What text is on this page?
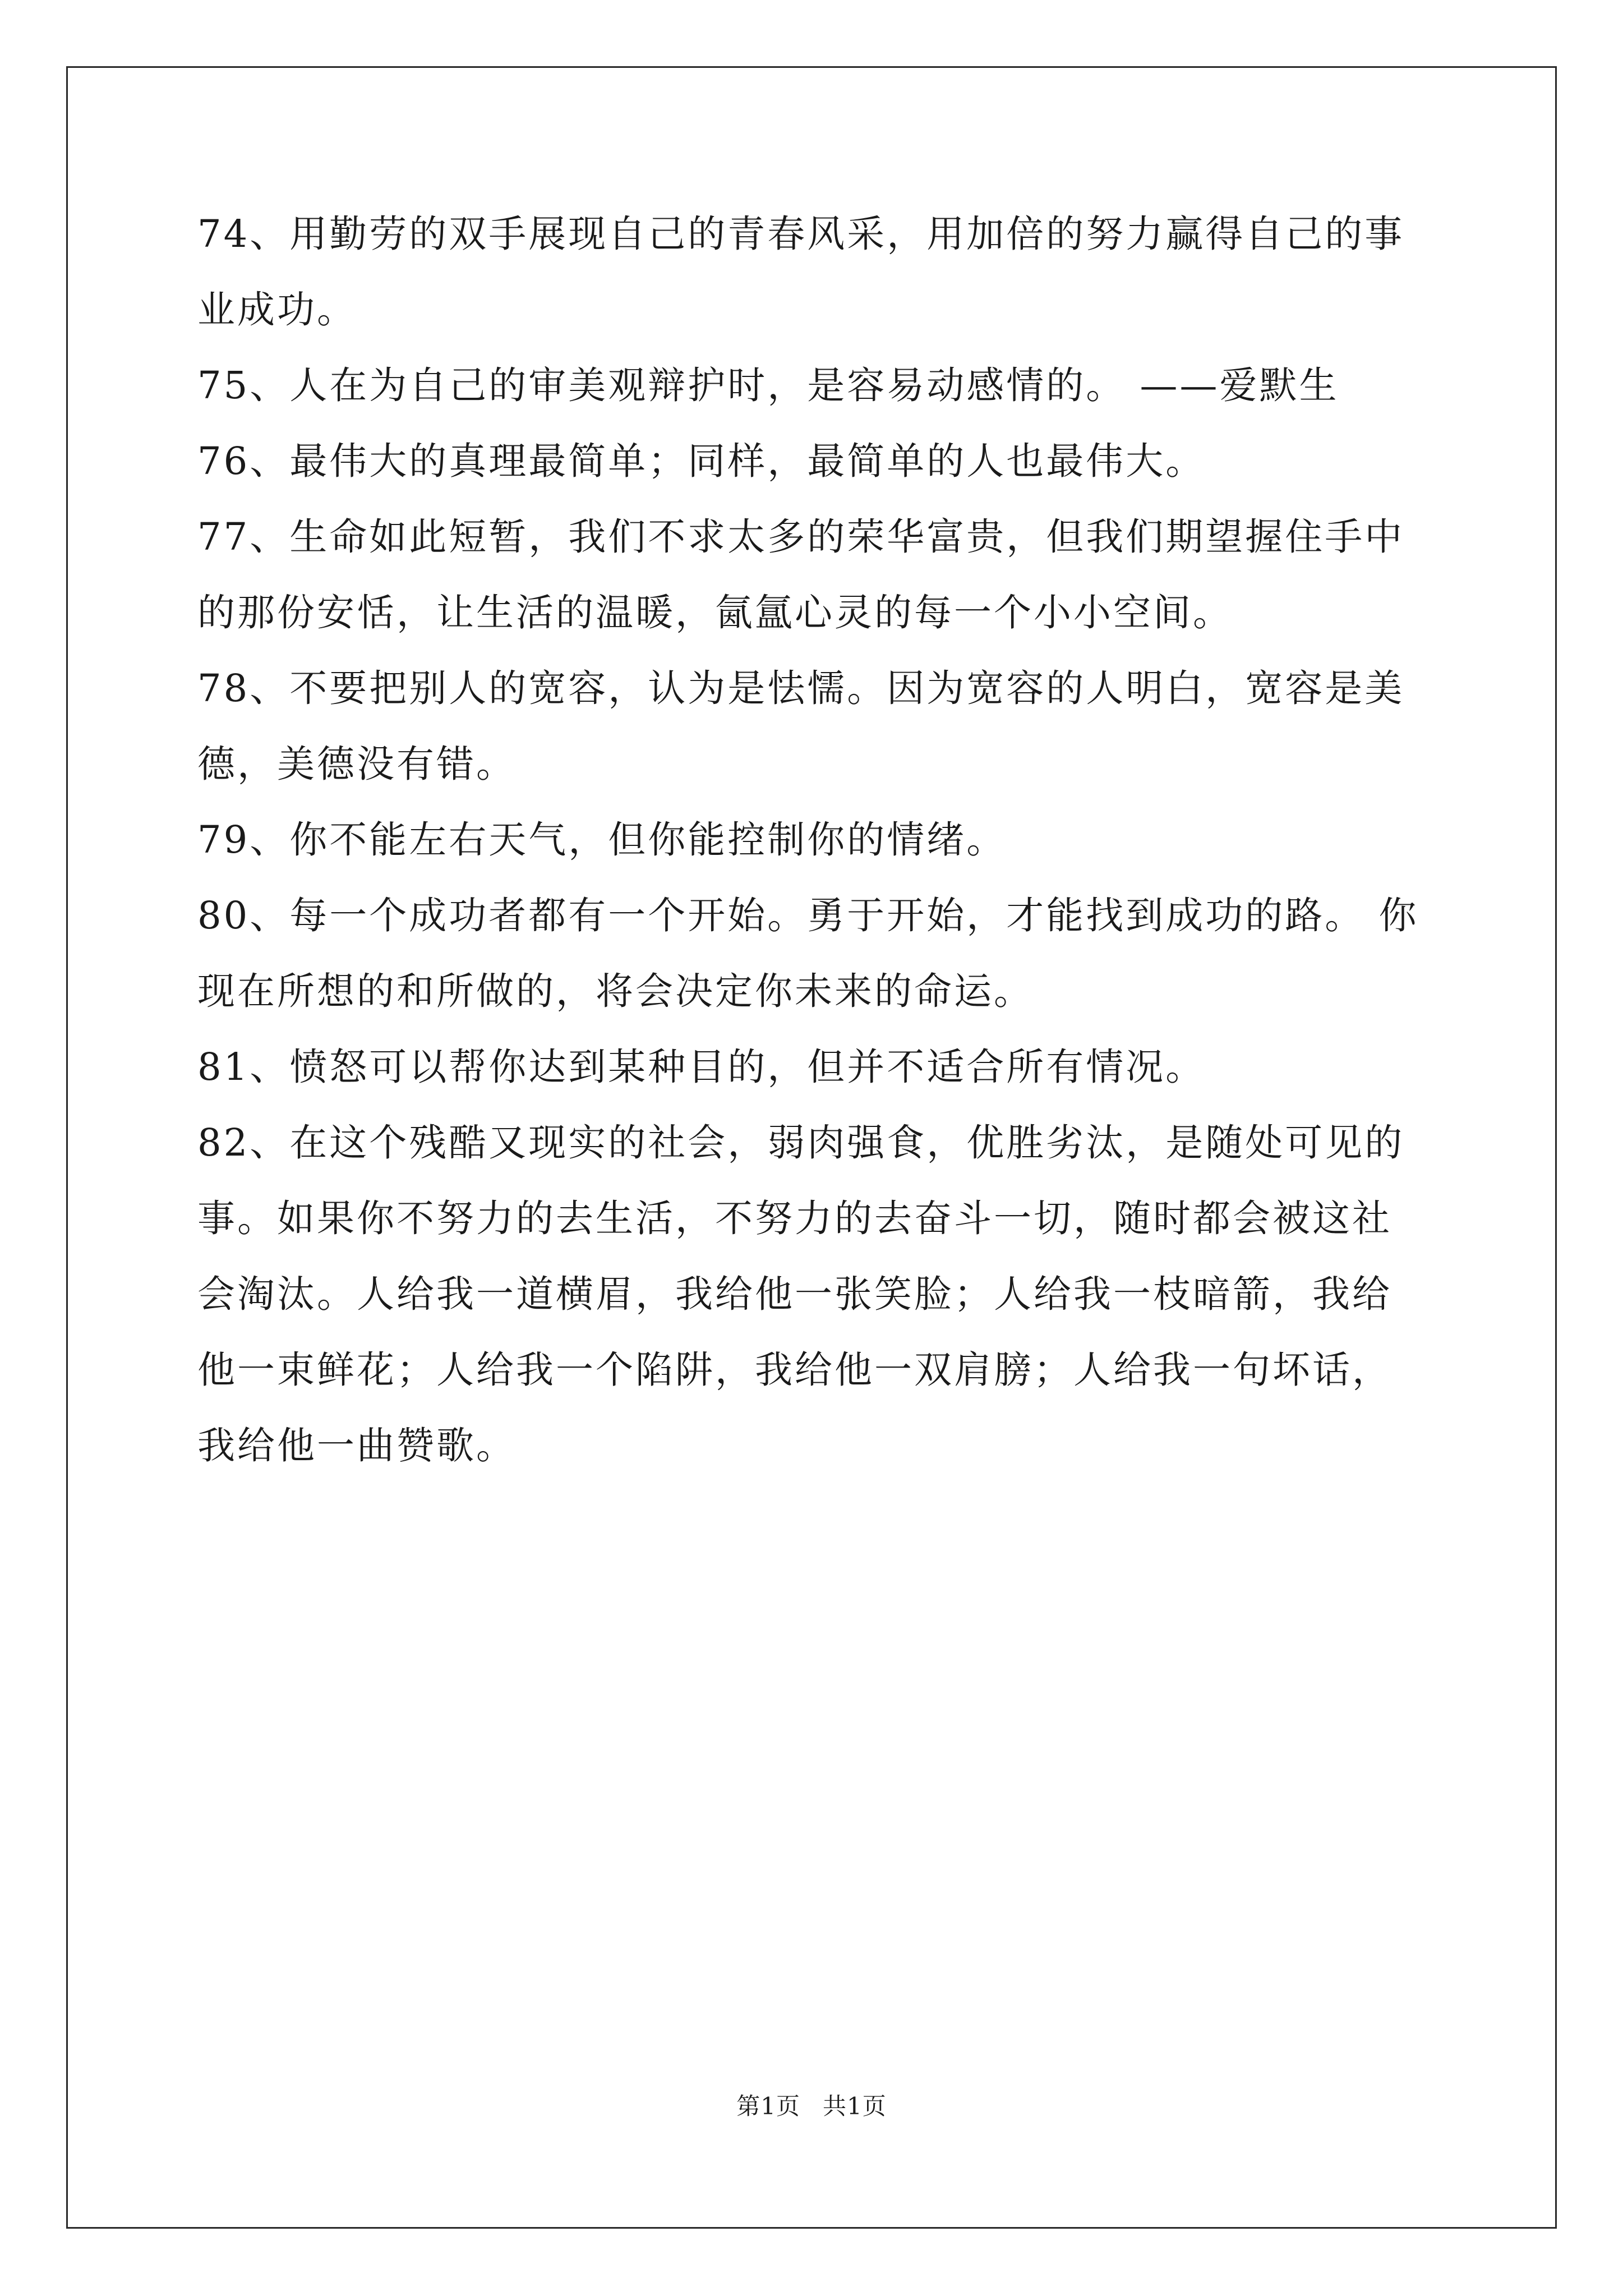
74、用勤劳的双手展现自己的青春风采，用加倍的努力赢得自己的事业成功。

75、人在为自己的审美观辩护时，是容易动感情的。 ——爱默生

76、最伟大的真理最简单；同样，最简单的人也最伟大。

77、生命如此短暂，我们不求太多的荣华富贵，但我们期望握住手中的那份安恬，让生活的温暖，氤氲心灵的每一个小小空间。

78、不要把别人的宽容，认为是怯懦。因为宽容的人明白，宽容是美德，美德没有错。

79、你不能左右天气，但你能控制你的情绪。

80、每一个成功者都有一个开始。勇于开始，才能找到成功的路。 你现在所想的和所做的，将会决定你未来的命运。

81、愤怒可以帮你达到某种目的，但并不适合所有情况。

82、在这个残酷又现实的社会，弱肉强食，优胜劣汰，是随处可见的事。如果你不努力的去生活，不努力的去奋斗一切，随时都会被这社会淘汰。人给我一道横眉，我给他一张笑脸；人给我一枝暗箭，我给他一束鲜花；人给我一个陷阱，我给他一双肩膀；人给我一句坏话，我给他一曲赞歌。

第1页 共1页
